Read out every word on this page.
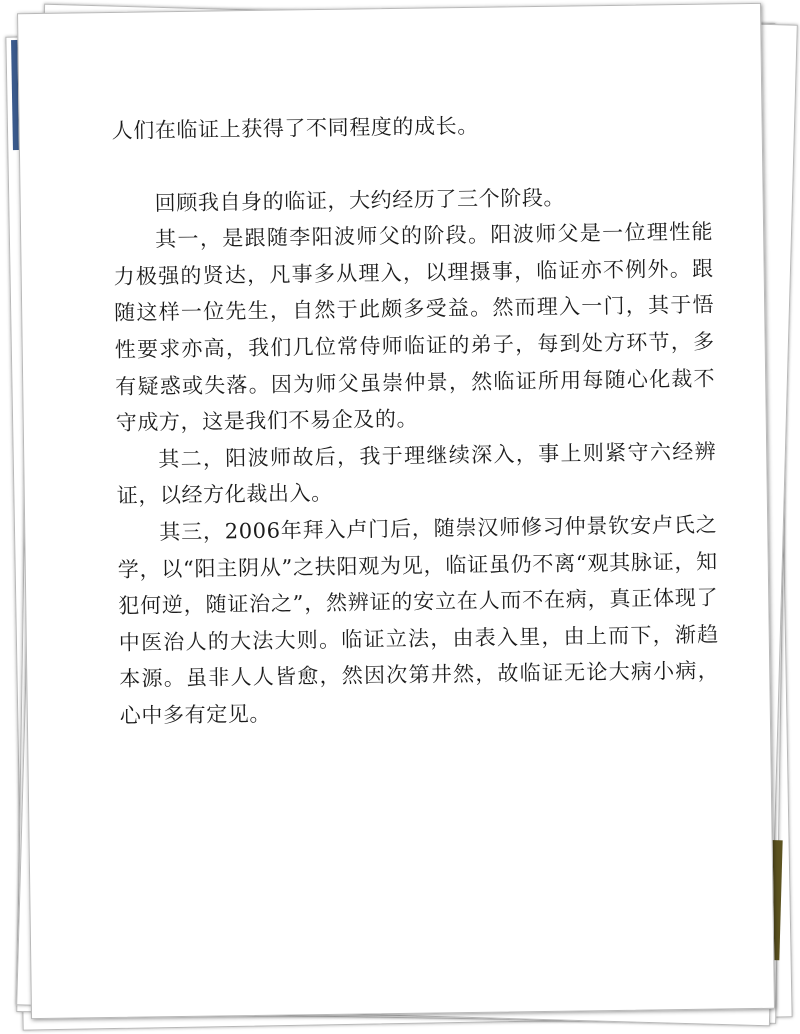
人们在临证上获得了不同程度的成长。

回顾我自身的临证，大约经历了三个阶段。

其一，是跟随李阳波师父的阶段。阳波师父是一位理性能力极强的贤达，凡事多从理入，以理摄事，临证亦不例外。跟随这样一位先生，自然于此颇多受益。然而理入一门，其于悟性要求亦高，我们几位常侍师临证的弟子，每到处方环节，多有疑惑或失落。因为师父虽崇仲景，然临证所用每随心化裁不守成方，这是我们不易企及的。

其二，阳波师故后，我于理继续深入，事上则紧守六经辨证，以经方化裁出入。

其三，2006年拜入卢门后，随崇汉师修习仲景钦安卢氏之学，以“阳主阴从”之扶阳观为见，临证虽仍不离“观其脉证，知犯何逆，随证治之”，然辨证的安立在人而不在病，真正体现了中医治人的大法大则。临证立法，由表入里，由上而下，渐趋本源。虽非人人皆愈，然因次第井然，故临证无论大病小病，心中多有定见。
